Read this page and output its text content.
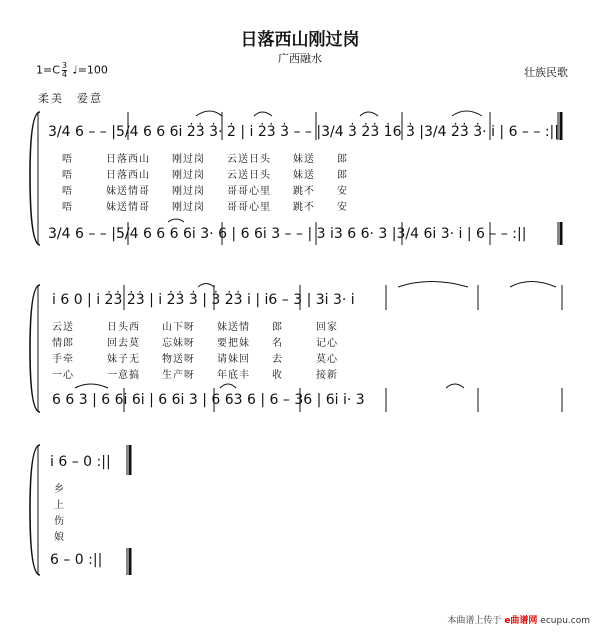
日落西山刚过岗
广西融水
$1=C \frac{3}{4}$ ♩=100	壮族民歌
柔美　爱意
3/4 6 – – |5/4 6 6 6i 2̇3̇ 3̇· 2̇ | i 2̇3̇ 3̇ – – |3/4 3̇ 2̇3̇ 1̇6 3̇ |3/4 2̇3̇ 3̇· i | 6 – – :||
唔　　　日落西山　　刚过岗　　云送日头　　妹送　　郎
唔　　　日落西山　　刚过岗　　云送日头　　妹送　　郎
唔　　　妹送情哥　　刚过岗　　哥哥心里　　跳不　　安
唔　　　妹送情哥　　刚过岗　　哥哥心里　　跳不　　安
3/4 6 – – |5/4 6 6 6 6i 3· 6 | 6 6i 3 – – | 3 i3 6 6· 3 |3/4 6i 3· i | 6 – – :||
i 6 0 | i 2̇3̇ 2̇3̇ | i 2̇3̇ 3̇ | 3̇ 2̇3̇ i | i6 – 3 | 3i 3· i
云送　　　日头西　　山下呀　　妹送情　　郎　　　回家
情郎　　　回去莫　　忘妹呀　　要把妹　　名　　　记心
手牵　　　妹子无　　物送呀　　请妹回　　去　　　莫心
一心　　　一意搞　　生产呀　　年底丰　　收　　　接新
6 6 3 | 6 6i 6i | 6 6i 3 | 6 63 6 | 6 – 36 | 6i i· 3
i 6 – 0 :||
乡
上
伤
娘
6 – 0 :||
本曲谱上传于 e曲谱网 ecupu.com
